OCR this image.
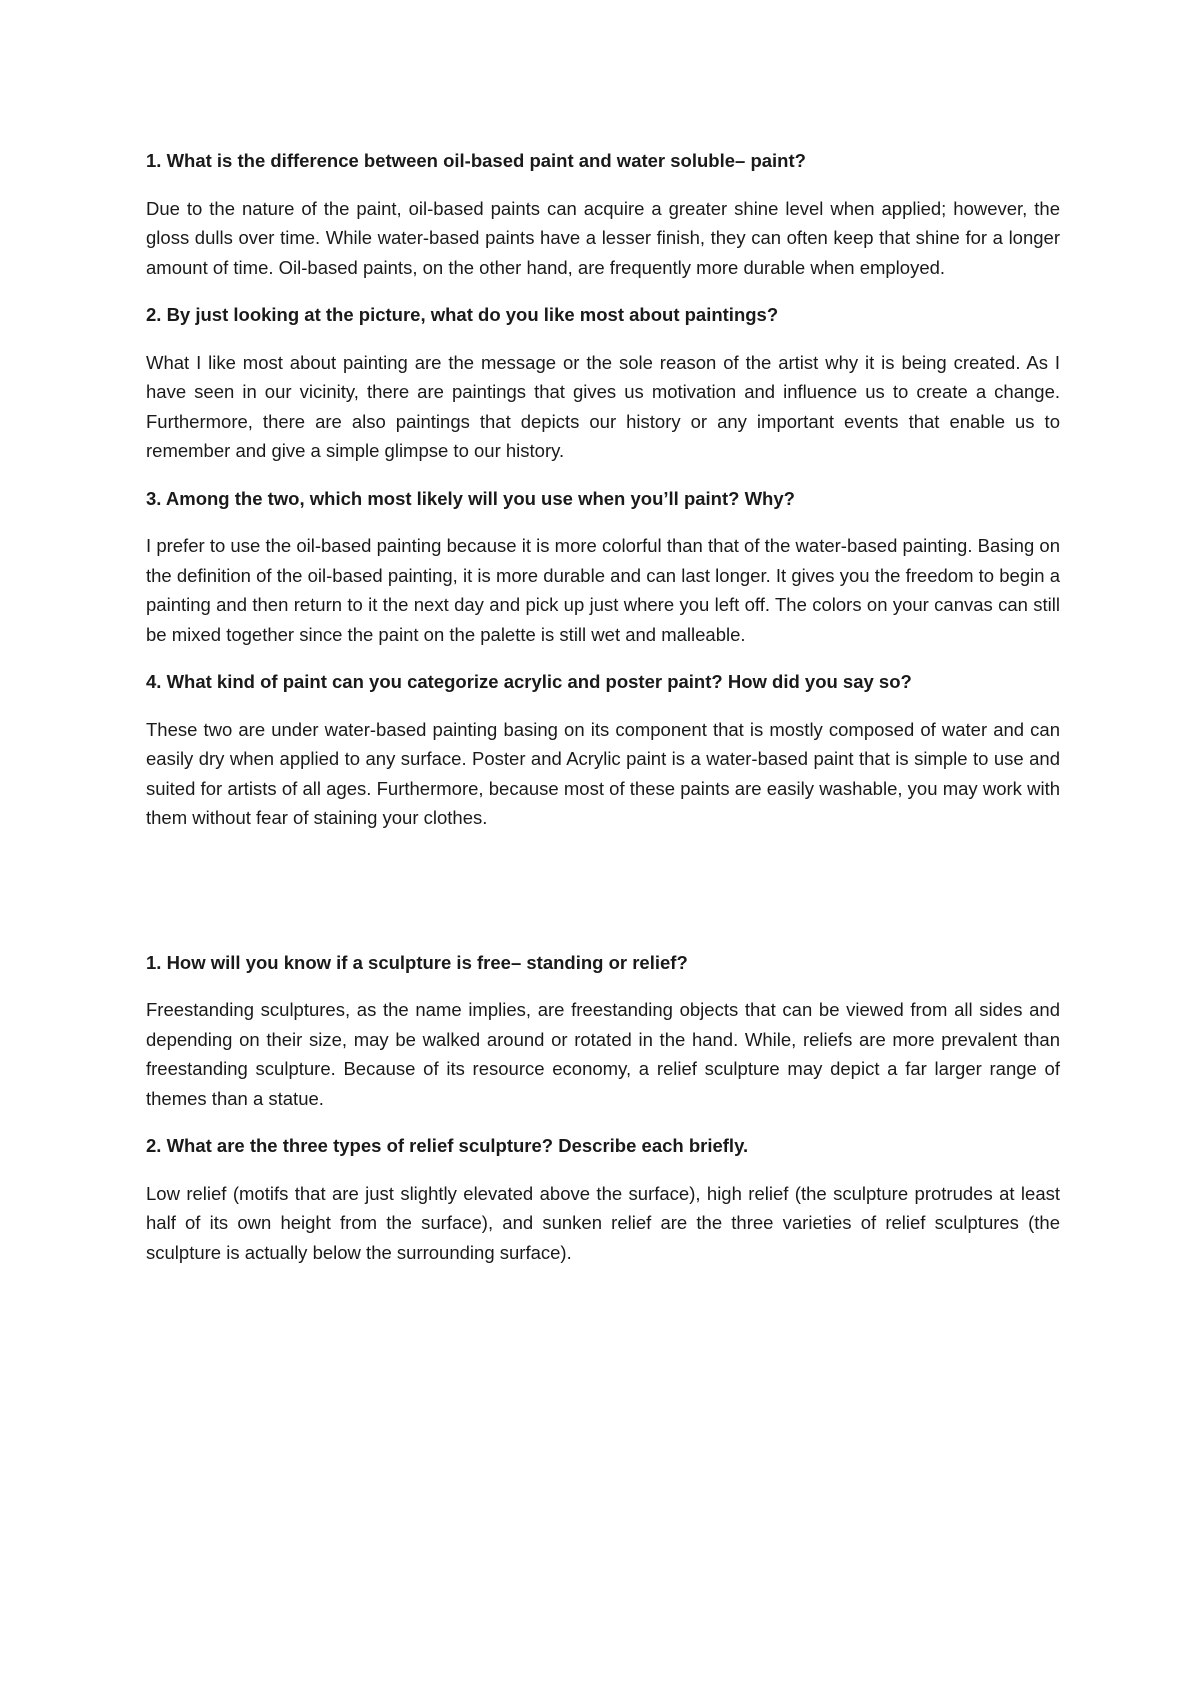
1. What is the difference between oil-based paint and water soluble– paint?

Due to the nature of the paint, oil-based paints can acquire a greater shine level when applied; however, the gloss dulls over time. While water-based paints have a lesser finish, they can often keep that shine for a longer amount of time. Oil-based paints, on the other hand, are frequently more durable when employed.

2. By just looking at the picture, what do you like most about paintings?

What I like most about painting are the message or the sole reason of the artist why it is being created. As I have seen in our vicinity, there are paintings that gives us motivation and influence us to create a change. Furthermore, there are also paintings that depicts our history or any important events that enable us to remember and give a simple glimpse to our history.

3. Among the two, which most likely will you use when you’ll paint? Why?

I prefer to use the oil-based painting because it is more colorful than that of the water-based painting. Basing on the definition of the oil-based painting, it is more durable and can last longer. It gives you the freedom to begin a painting and then return to it the next day and pick up just where you left off. The colors on your canvas can still be mixed together since the paint on the palette is still wet and malleable.

4. What kind of paint can you categorize acrylic and poster paint? How did you say so?

These two are under water-based painting basing on its component that is mostly composed of water and can easily dry when applied to any surface. Poster and Acrylic paint is a water-based paint that is simple to use and suited for artists of all ages. Furthermore, because most of these paints are easily washable, you may work with them without fear of staining your clothes.

1. How will you know if a sculpture is free– standing or relief?

Freestanding sculptures, as the name implies, are freestanding objects that can be viewed from all sides and depending on their size, may be walked around or rotated in the hand. While, reliefs are more prevalent than freestanding sculpture. Because of its resource economy, a relief sculpture may depict a far larger range of themes than a statue.

2. What are the three types of relief sculpture? Describe each briefly.

Low relief (motifs that are just slightly elevated above the surface), high relief (the sculpture protrudes at least half of its own height from the surface), and sunken relief are the three varieties of relief sculptures (the sculpture is actually below the surrounding surface).
